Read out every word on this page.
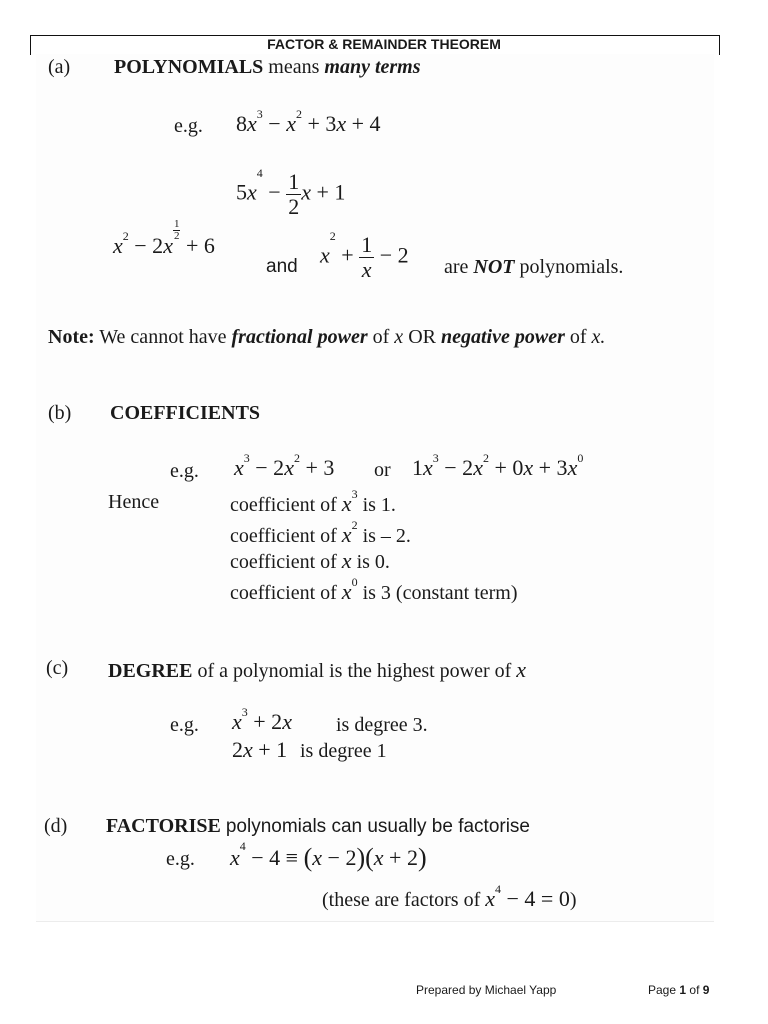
FACTOR & REMAINDER THEOREM
(a) POLYNOMIALS means many terms
e.g. $8x^3 - x^2 + 3x + 4$
$5x^4 - \frac{1}{2}$ x + 1
$x^2 - 2x$
$\frac{1}{2}$
+ 6
and $x^2 + \frac{1}{x} - 2$ are NOT polynomials.
Note: We cannot have fractional power of x OR negative power of x.
(b) COEFFICIENTS
e.g. $x^3 - 2x^2 + 3$ or $1x^3 - 2x^2 + 0x + 3x^0$
Hence	coefficient of $x^3$ is 1.
coefficient of $x^2$ is – 2.
coefficient of x is 0.
coefficient of $x^0$ is 3 (constant term)
(c) DEGREE of a polynomial is the highest power of x
e.g. $x^3 + 2x$ is degree 3.
2x + 1 is degree 1
(d) FACTORISE polynomials can usually be factorise
e.g. $x^4 - 4 \equiv (x - 2)(x + 2)$
(these are factors of $x^4 - 4 = 0$)
Prepared by Michael Yapp	Page 1 of 9
